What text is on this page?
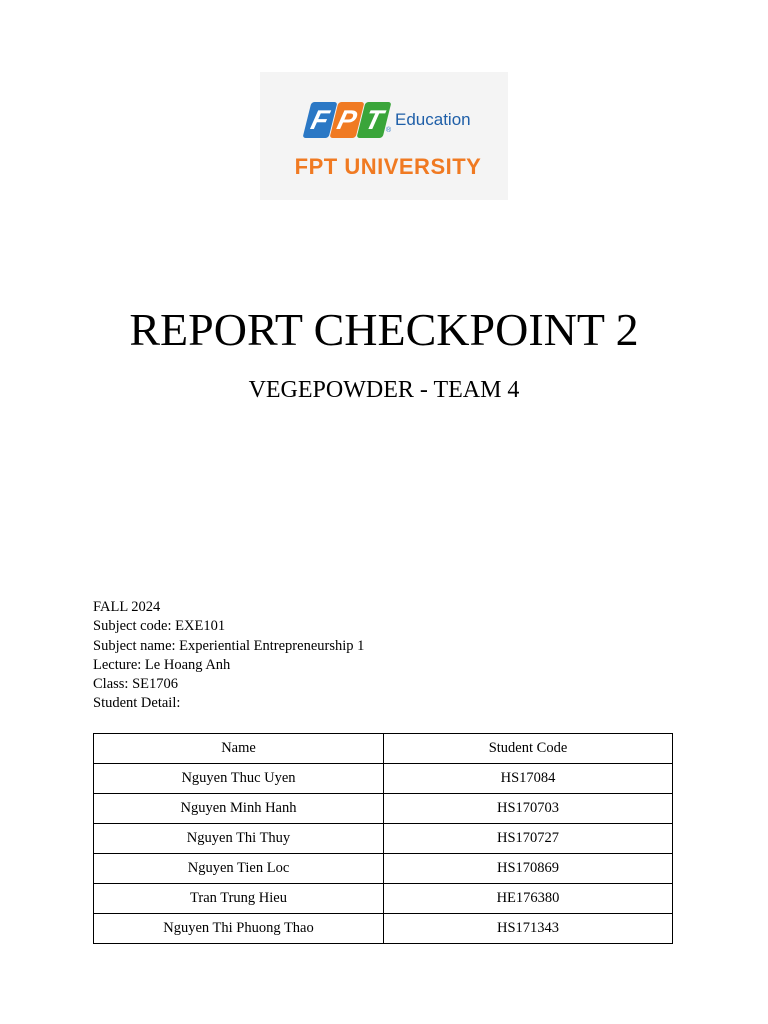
F P T ®
Education
FPT UNIVERSITY
REPORT CHECKPOINT 2
VEGEPOWDER - TEAM 4
FALL 2024
Subject code: EXE101
Subject name: Experiential Entrepreneurship 1
Lecture: Le Hoang Anh
Class: SE1706
Student Detail:
Name	Student Code
Nguyen Thuc Uyen	HS17084
Nguyen Minh Hanh	HS170703
Nguyen Thi Thuy	HS170727
Nguyen Tien Loc	HS170869
Tran Trung Hieu	HE176380
Nguyen Thi Phuong Thao	HS171343
